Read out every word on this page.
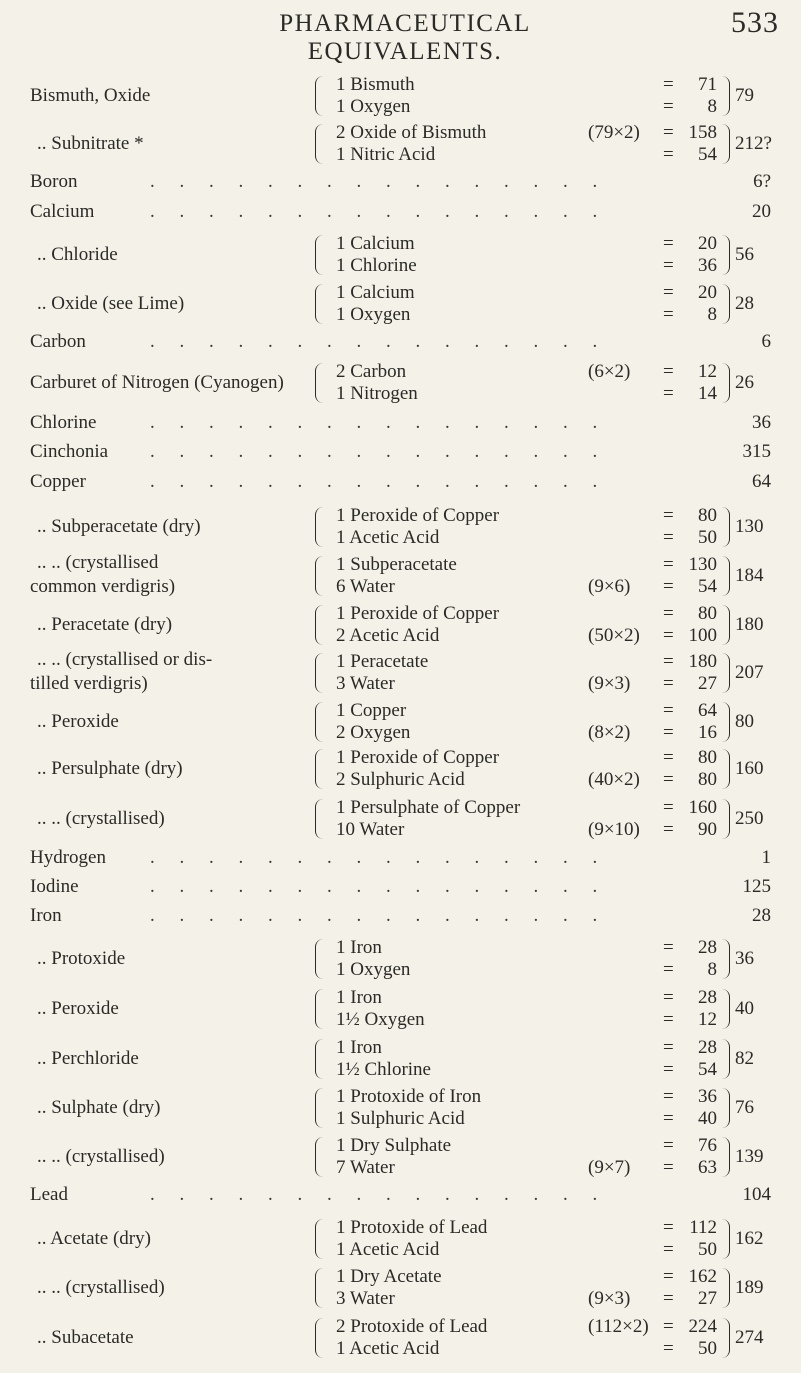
PHARMACEUTICAL EQUIVALENTS.
533
Bismuth, Oxide
1 Bismuth	=	71
1 Oxygen	=	8
79
.. Subnitrate *
2 Oxide of Bismuth	(79×2) = 158
1 Nitric Acid	=	54
212?
Boron	. . . . . . . . . . . . . . . .	6?
Calcium	. . . . . . . . . . . . . . . .	20
.. Chloride
1 Calcium	=	20
1 Chlorine	=	36
56
.. Oxide (see Lime)
1 Calcium	=	20
1 Oxygen	=	8
28
Carbon	. . . . . . . . . . . . . . . .	6
Carburet of Nitrogen (Cyanogen)
2 Carbon	(6×2) =	12
1 Nitrogen	=	14
26
Chlorine	. . . . . . . . . . . . . . . .	36
Cinchonia . . . . . . . . . . . . . . . .	315
Copper	. . . . . . . . . . . . . . . .	64
.. Subperacetate (dry)
1 Peroxide of Copper	=	80
1 Acetic Acid	=	50
130
.. .. (crystallised
common verdigris)
1 Subperacetate	= 130
6 Water	(9×6) =	54
184
.. Peracetate (dry)
1 Peroxide of Copper	=	80
2 Acetic Acid	(50×2) = 100
180
.. .. (crystallised or dis-
tilled verdigris)
1 Peracetate	= 180
3 Water	(9×3) =	27
207
.. Peroxide
1 Copper	=	64
2 Oxygen	(8×2) =	16
80
.. Persulphate (dry)
1 Peroxide of Copper	=	80
2 Sulphuric Acid	(40×2) =	80
160
.. .. (crystallised)
1 Persulphate of Copper	= 160
10 Water	(9×10) =	90
250
Hydrogen . . . . . . . . . . . . . . . .	1
Iodine	. . . . . . . . . . . . . . . .	125
Iron	. . . . . . . . . . . . . . . .	28
.. Protoxide
1 Iron	=	28
1 Oxygen	=	8
36
.. Peroxide
1 Iron	=	28
1½ Oxygen	=	12
40
.. Perchloride
1 Iron	=	28
1½ Chlorine	=	54
82
.. Sulphate (dry)
1 Protoxide of Iron	=	36
1 Sulphuric Acid	=	40
76
.. .. (crystallised)
1 Dry Sulphate	=	76
7 Water	(9×7) =	63
139
Lead	. . . . . . . . . . . . . . . .	104
.. Acetate (dry)
1 Protoxide of Lead	= 112
1 Acetic Acid	=	50
162
.. .. (crystallised)
1 Dry Acetate	= 162
3 Water	(9×3) =	27
189
.. Subacetate
2 Protoxide of Lead	(112×2) = 224
1 Acetic Acid	=	50
274
